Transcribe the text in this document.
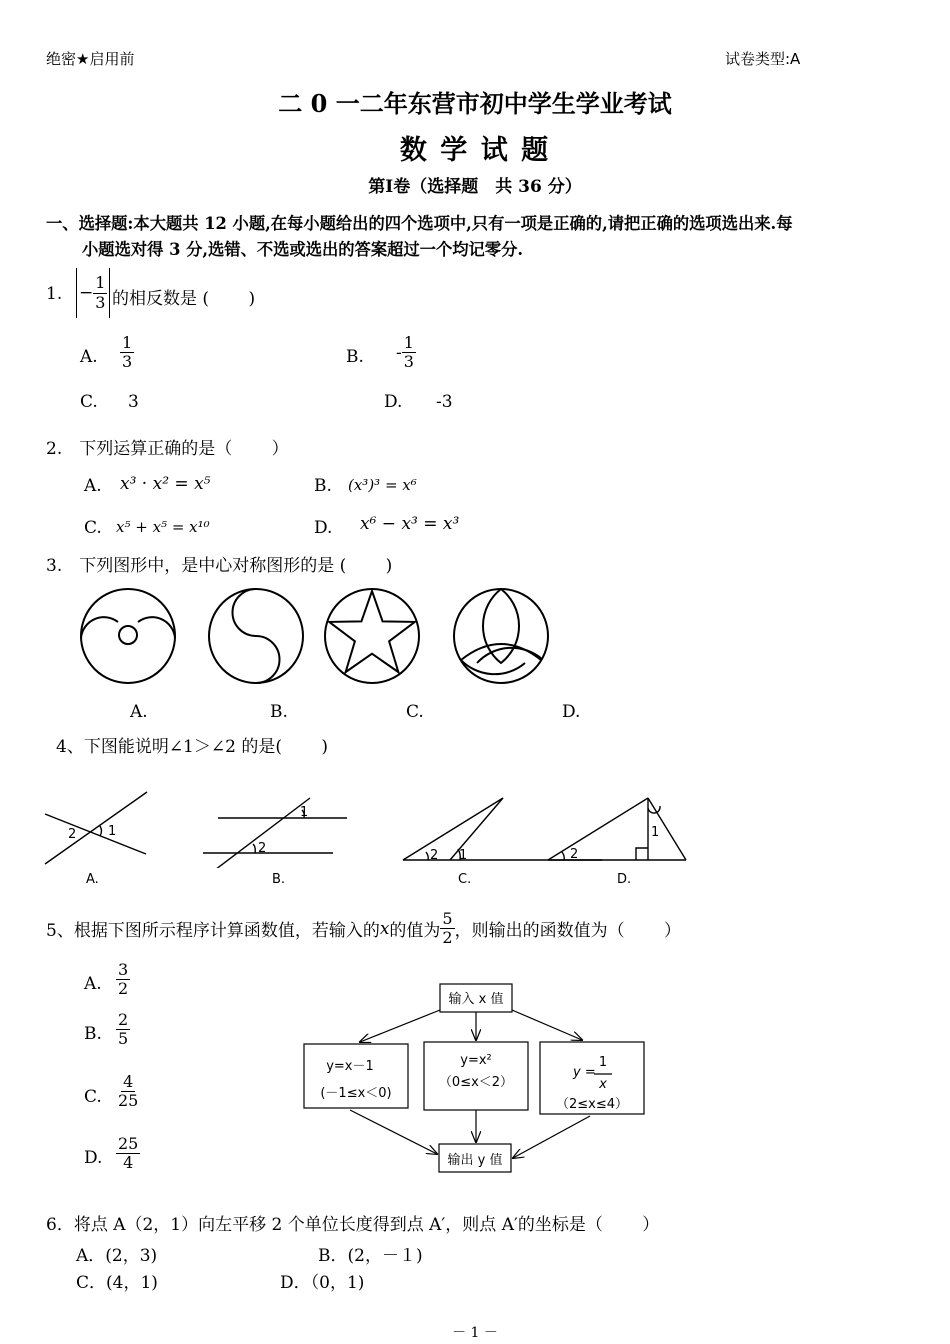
绝密★启用前	试卷类型:A
二 0 一二年东营市初中学生学业考试
数 学 试 题
第Ⅰ卷（选择题　共 36 分）
一、选择题:本大题共 12 小题,在每小题给出的四个选项中,只有一项是正确的,请把正确的选项选出来.每
小题选对得 3 分,选错、不选或选出的答案超过一个均记零分.
1. − $\frac{1}{3}$ 的相反数是 (　　 )
A. $\frac{1}{3}$	B. - $\frac{1}{3}$
C. 3	D. -3
2.　下列运算正确的是（　　 ）
A. x³ · x² = x⁵	B. (x³)³ = x⁶
C. x⁵ + x⁵ = x¹⁰	D. x⁶ − x³ = x³
3.　下列图形中，是中心对称图形的是 (　　 )
A.	B.	C.	D.
4、下图能说明∠1＞∠2 的是(　　 )
2 1
1
2	2 1
1
2
A.	B.	C.	D.
5、根据下图所示程序计算函数值，若输入的 x 的值为 $\frac{5}{2}$ ，则输出的函数值为（　　 ）
A. $\frac{3}{2}$
B. $\frac{2}{5}$
C. $\frac{4}{25}$
D. $\frac{25}{4}$
输入 x 值
y=x－1
(－1≤x＜0)
y=x²
（0≤x＜2）
y =
1
x
（2≤x≤4）
输出 y 值
6．将点 A（2，1）向左平移 2 个单位长度得到点 A′，则点 A′的坐标是（　　 ）
A．(2，3)	B．(2，－１)
C．(4，1)	D．（0，1)
－ 1 －
